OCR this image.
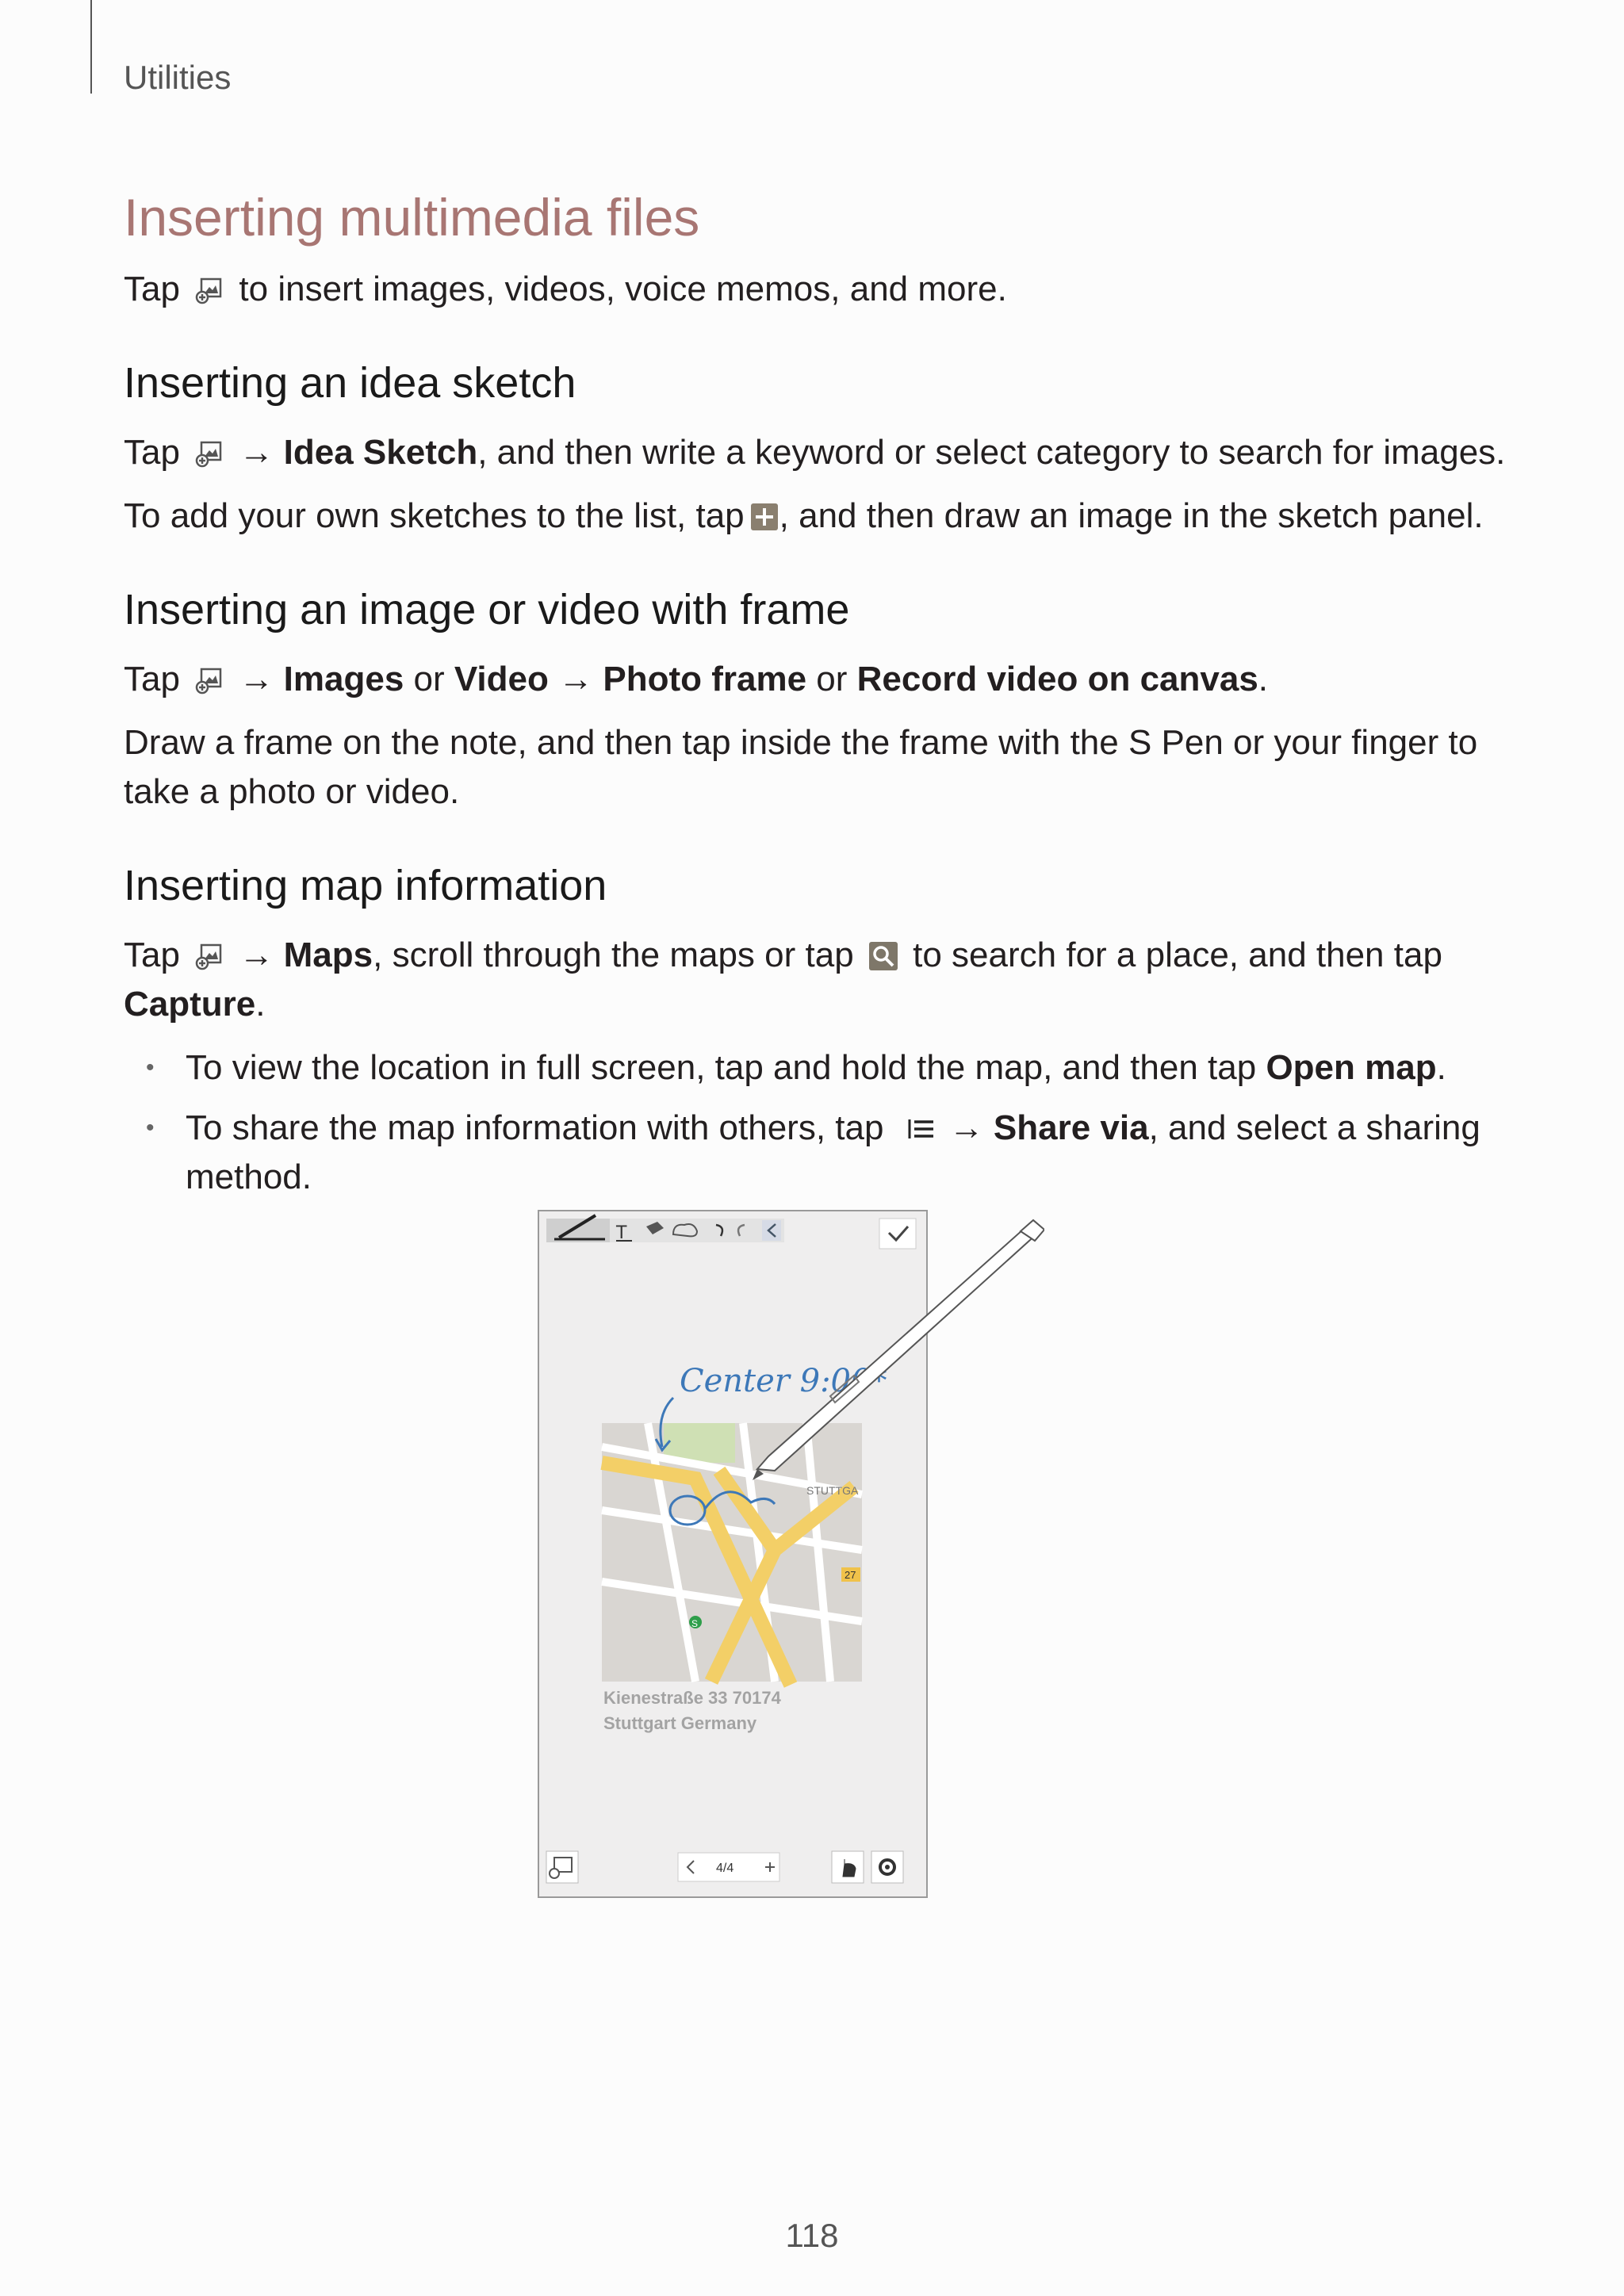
Utilities
Inserting multimedia files

Tap to insert images, videos, voice memos, and more.

Inserting an idea sketch

Tap → Idea Sketch, and then write a keyword or select category to search for images.

To add your own sketches to the list, tap , and then draw an image in the sketch panel.

Inserting an image or video with frame

Tap → Images or Video → Photo frame or Record video on canvas.

Draw a frame on the note, and then tap inside the frame with the S Pen or your finger to take a photo or video.

Inserting map information

Tap → Maps, scroll through the maps or tap to search for a place, and then tap Capture.

• To view the location in full screen, tap and hold the map, and then tap Open map.
• To share the map information with others, tap → Share via, and select a sharing method.
T
S
STUTTGA
27
Center 9:00*
Kienestraße 33 70174
Stuttgart Germany
4/4
118
